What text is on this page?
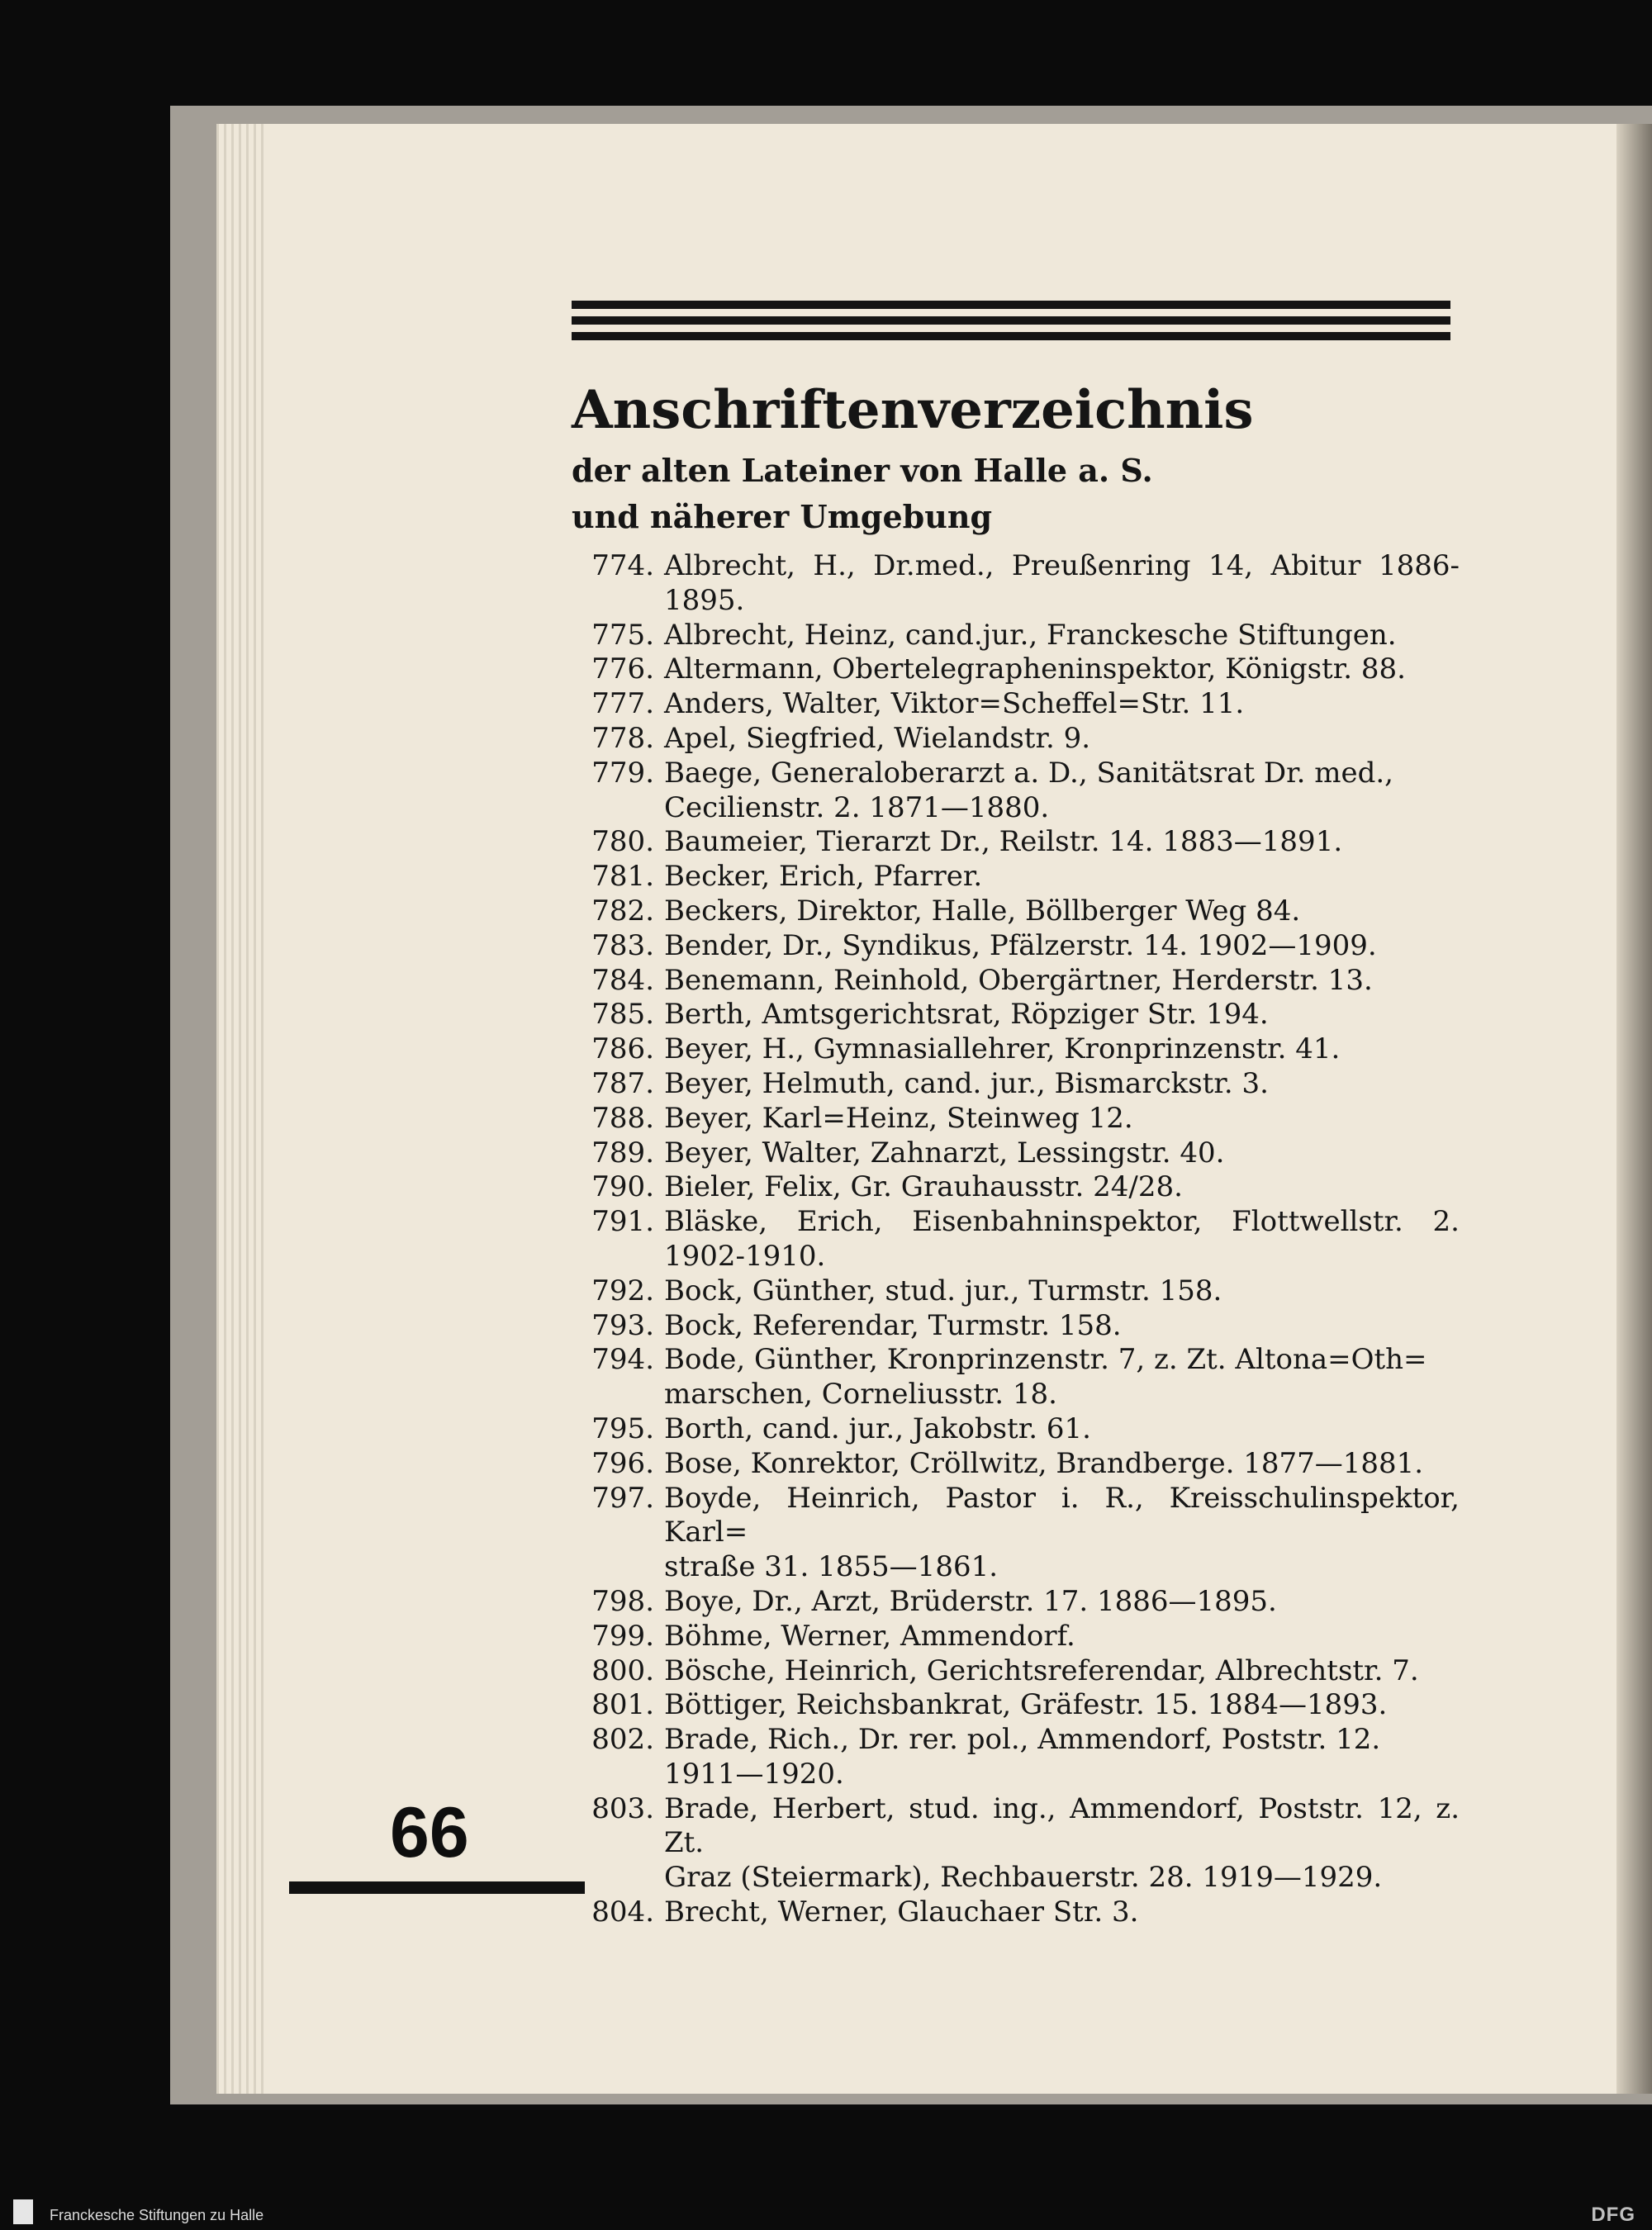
Anschriftenverzeichnis

der alten Lateiner von Halle a. S.

und näherer Umgebung

774. Albrecht, H., Dr.med., Preußenring 14, Abitur 1886-1895.
775. Albrecht, Heinz, cand.jur., Franckesche Stiftungen.
776. Altermann, Obertelegrapheninspektor, Königstr. 88.
777. Anders, Walter, Viktor=Scheffel=Str. 11.
778. Apel, Siegfried, Wielandstr. 9.
779. Baege, Generaloberarzt a. D., Sanitätsrat Dr. med.,
Cecilienstr. 2. 1871—1880.
780. Baumeier, Tierarzt Dr., Reilstr. 14. 1883—1891.
781. Becker, Erich, Pfarrer.
782. Beckers, Direktor, Halle, Böllberger Weg 84.
783. Bender, Dr., Syndikus, Pfälzerstr. 14. 1902—1909.
784. Benemann, Reinhold, Obergärtner, Herderstr. 13.
785. Berth, Amtsgerichtsrat, Röpziger Str. 194.
786. Beyer, H., Gymnasiallehrer, Kronprinzenstr. 41.
787. Beyer, Helmuth, cand. jur., Bismarckstr. 3.
788. Beyer, Karl=Heinz, Steinweg 12.
789. Beyer, Walter, Zahnarzt, Lessingstr. 40.
790. Bieler, Felix, Gr. Grauhausstr. 24/28.
791. Bläske, Erich, Eisenbahninspektor, Flottwellstr. 2. 1902-1910.
792. Bock, Günther, stud. jur., Turmstr. 158.
793. Bock, Referendar, Turmstr. 158.
794. Bode, Günther, Kronprinzenstr. 7, z. Zt. Altona=Oth=
marschen, Corneliusstr. 18.
795. Borth, cand. jur., Jakobstr. 61.
796. Bose, Konrektor, Cröllwitz, Brandberge. 1877—1881.
797. Boyde, Heinrich, Pastor i. R., Kreisschulinspektor, Karl=
straße 31. 1855—1861.
798. Boye, Dr., Arzt, Brüderstr. 17. 1886—1895.
799. Böhme, Werner, Ammendorf.
800. Bösche, Heinrich, Gerichtsreferendar, Albrechtstr. 7.
801. Böttiger, Reichsbankrat, Gräfestr. 15. 1884—1893.
802. Brade, Rich., Dr. rer. pol., Ammendorf, Poststr. 12.
1911—1920.
803. Brade, Herbert, stud. ing., Ammendorf, Poststr. 12, z. Zt.
Graz (Steiermark), Rechbauerstr. 28. 1919—1929.
804. Brecht, Werner, Glauchaer Str. 3.

66

Franckesche Stiftungen zu Halle	DFG
